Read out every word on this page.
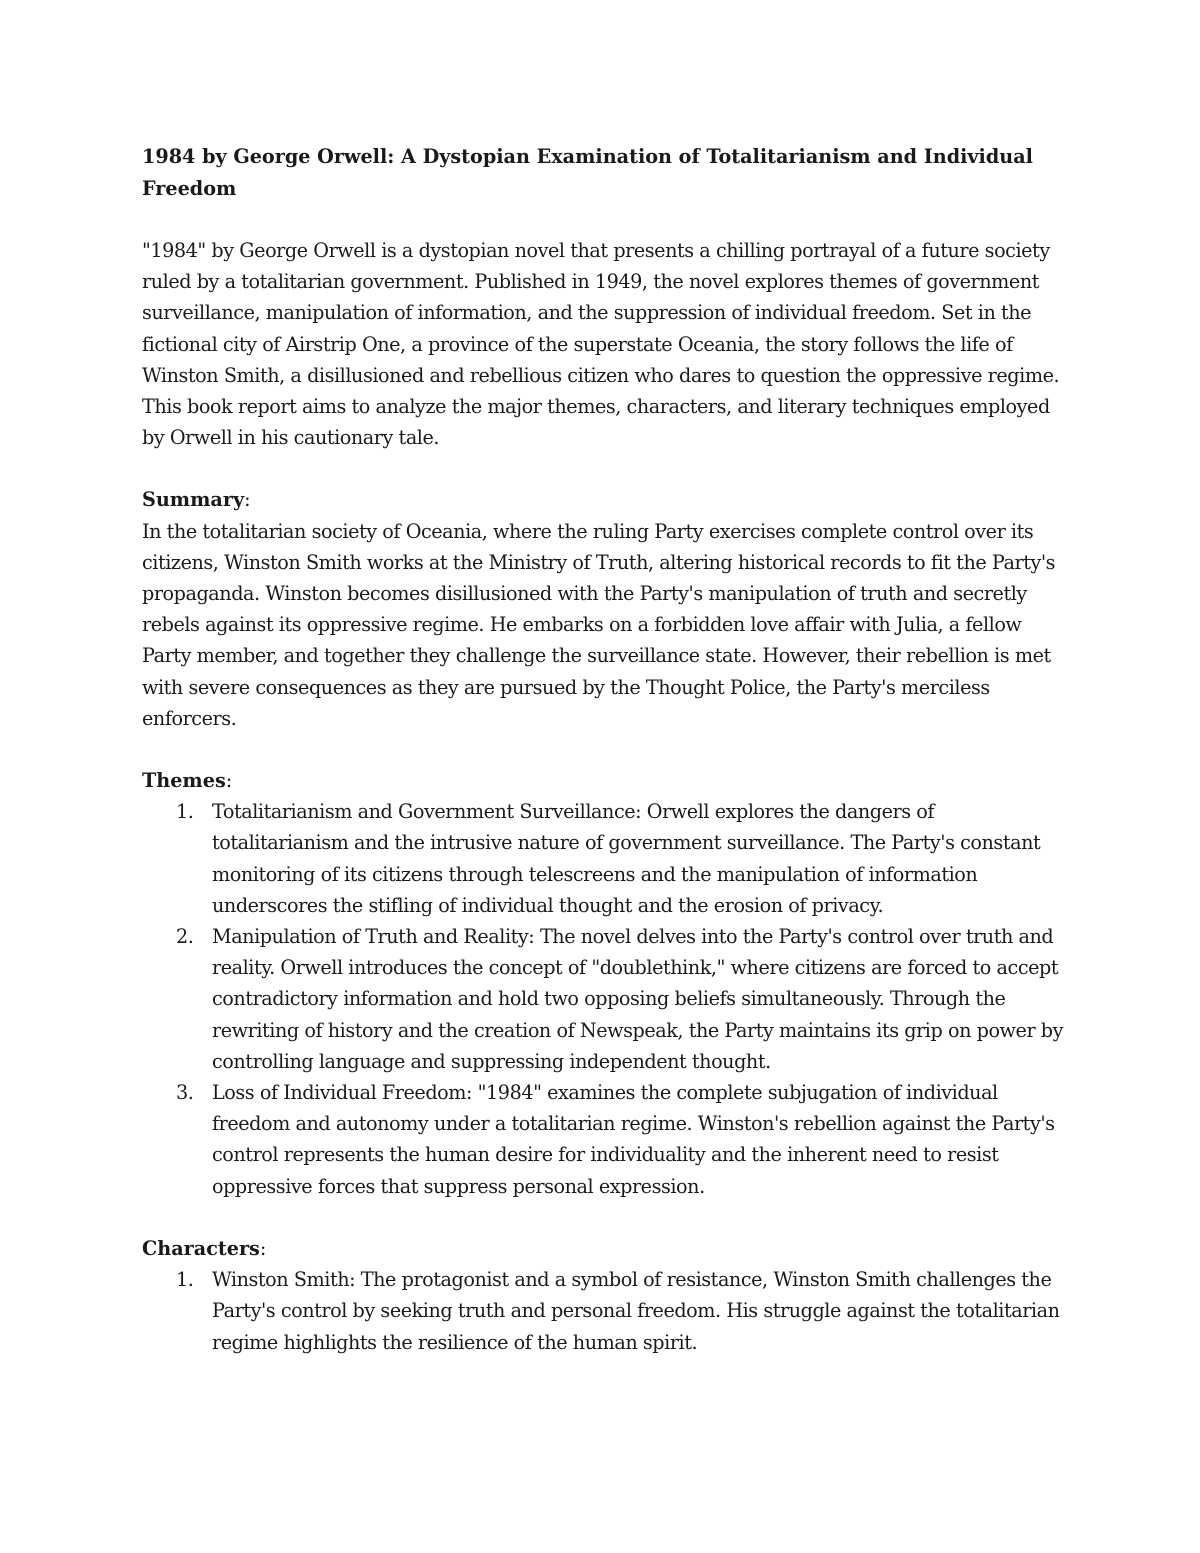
1984 by George Orwell: A Dystopian Examination of Totalitarianism and Individual Freedom

"1984" by George Orwell is a dystopian novel that presents a chilling portrayal of a future society ruled by a totalitarian government. Published in 1949, the novel explores themes of government surveillance, manipulation of information, and the suppression of individual freedom. Set in the fictional city of Airstrip One, a province of the superstate Oceania, the story follows the life of Winston Smith, a disillusioned and rebellious citizen who dares to question the oppressive regime. This book report aims to analyze the major themes, characters, and literary techniques employed by Orwell in his cautionary tale.

Summary:

In the totalitarian society of Oceania, where the ruling Party exercises complete control over its citizens, Winston Smith works at the Ministry of Truth, altering historical records to fit the Party's propaganda. Winston becomes disillusioned with the Party's manipulation of truth and secretly rebels against its oppressive regime. He embarks on a forbidden love affair with Julia, a fellow Party member, and together they challenge the surveillance state. However, their rebellion is met with severe consequences as they are pursued by the Thought Police, the Party's merciless enforcers.

Themes:

1. Totalitarianism and Government Surveillance: Orwell explores the dangers of totalitarianism and the intrusive nature of government surveillance. The Party's constant monitoring of its citizens through telescreens and the manipulation of information underscores the stifling of individual thought and the erosion of privacy.
2. Manipulation of Truth and Reality: The novel delves into the Party's control over truth and reality. Orwell introduces the concept of "doublethink," where citizens are forced to accept contradictory information and hold two opposing beliefs simultaneously. Through the rewriting of history and the creation of Newspeak, the Party maintains its grip on power by controlling language and suppressing independent thought.
3. Loss of Individual Freedom: "1984" examines the complete subjugation of individual freedom and autonomy under a totalitarian regime. Winston's rebellion against the Party's control represents the human desire for individuality and the inherent need to resist oppressive forces that suppress personal expression.

Characters:

1. Winston Smith: The protagonist and a symbol of resistance, Winston Smith challenges the Party's control by seeking truth and personal freedom. His struggle against the totalitarian regime highlights the resilience of the human spirit.
